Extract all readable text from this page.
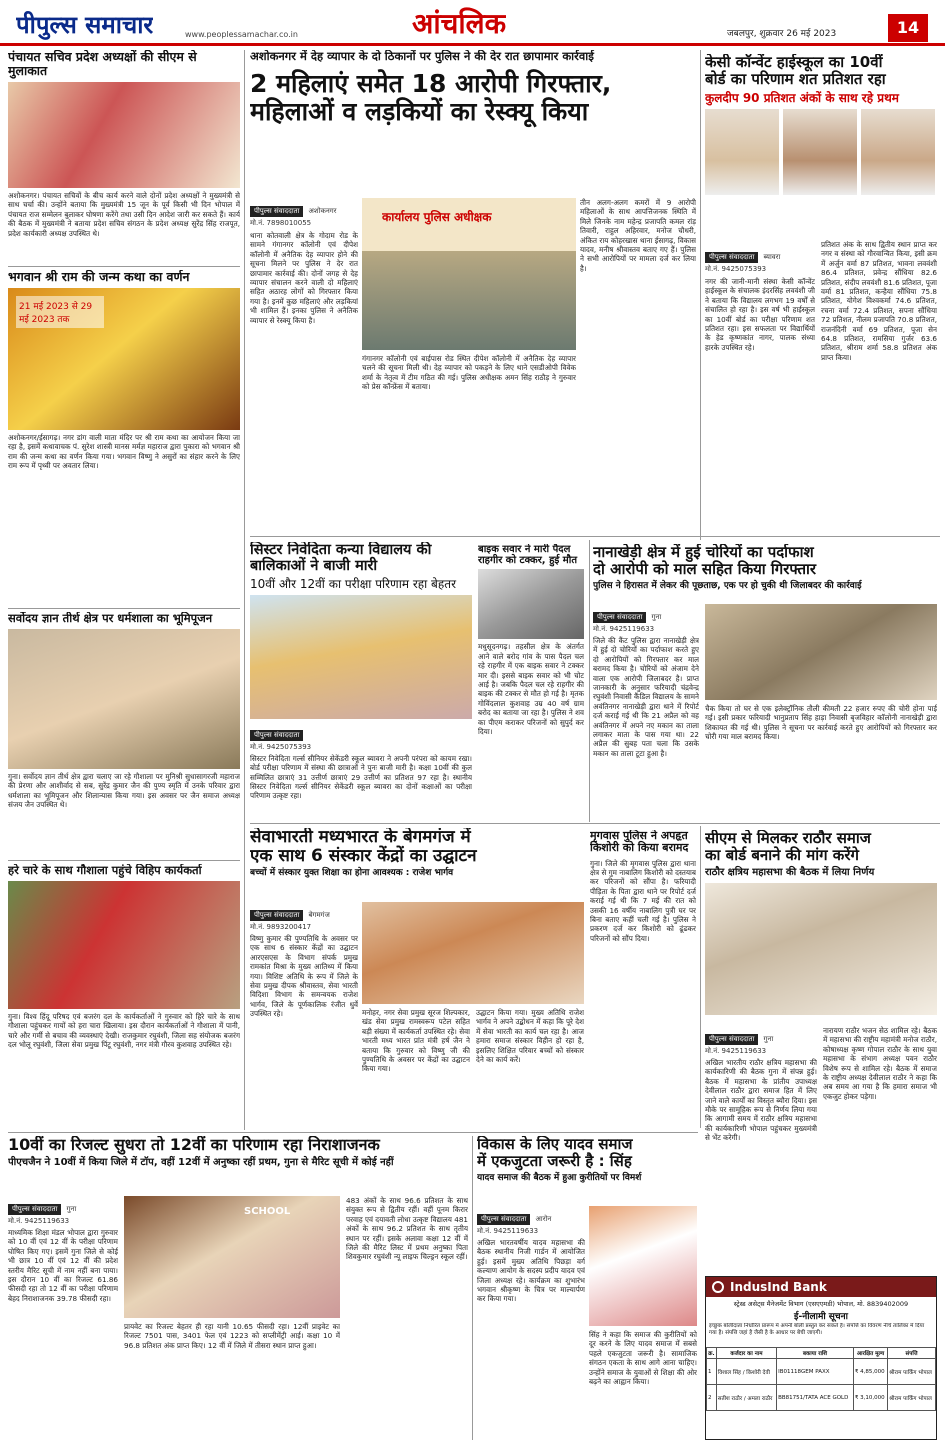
पीपुल्स समाचार	www.peoplessamachar.co.in	आंचलिक	जबलपुर, शुक्रवार 26 मई 2023	14
पंचायत सचिव प्रदेश अध्यक्षों की सीएम से मुलाकात
अशोकनगर। पंचायत सचिवों के बीच कार्य करने वाले दोनों प्रदेश अध्यक्षों ने मुख्यमंत्री से साथ चर्चा की। उन्होंने बताया कि मुख्यमंत्री 15 जून के पूर्व किसी भी दिन भोपाल में पंचायत राज सम्मेलन बुलाकर घोषणा करेंगे तथा उसी दिन आदेश जारी कर सकते हैं। कार्य की बैठक में मुख्यमंत्री ने बताया प्रदेश सचिव संगठन के प्रदेश अध्यक्ष सुरेंद्र सिंह राजपूत, प्रदेश कार्यकारी अध्यक्ष उपस्थित थे।
भगवान श्री राम की जन्म कथा का वर्णन
21 मई 2023 से 29 मई 2023 तक
अशोकनगर/ईसागढ़। नगर डांग वाली माता मंदिर पर श्री राम कथा का आयोजन किया जा रहा है, इसमें कथावाचक पं. सुरेश शास्त्री मानस मर्मज्ञ महाराज द्वारा पुकारा को भगवान श्री राम की जन्म कथा का वर्णन किया गया। भगवान विष्णु ने असुरों का संहार करने के लिए राम रूप में पृथ्वी पर अवतार लिया।
सर्वोदय ज्ञान तीर्थ क्षेत्र पर धर्मशाला का भूमिपूजन
गुना। सर्वोदय ज्ञान तीर्थ क्षेत्र द्वारा चलाए जा रहे गौशाला पर मुनिश्री सुधासागरजी महाराज की प्रेरणा और आशीर्वाद से सब, सुरेंद्र कुमार जैन की पुण्य स्मृति में उनके परिवार द्वारा धर्मशाला का भूमिपूजन और शिलान्यास किया गया। इस अवसर पर जैन समाज अध्यक्ष संजय जैन उपस्थित थे।
हरे चारे के साथ गौशाला पहुंचे विहिप कार्यकर्ता
गुना। विश्व हिंदू परिषद एवं बजरंग दल के कार्यकर्ताओं ने गुरुवार को हिरे चारे के साथ गौशाला पहुंचकर गायों को हरा चारा खिलाया। इस दौरान कार्यकर्ताओं ने गौशाला में पानी, चारे और गर्मी से बचाव की व्यवस्थाएं देखी। राजकुमार रघुवंशी, जिला सह संयोजक बजरंग दल भोलू रघुवंशी, जिला सेवा प्रमुख पिंटू रघुवंशी, नगर मंत्री गौरव कुशवाह उपस्थित रहे।
अशोकनगर में देह व्यापार के दो ठिकानों पर पुलिस ने की देर रात छापामार कार्रवाई
2 महिलाएं समेत 18 आरोपी गिरफ्तार,
महिलाओं व लड़कियों का रेस्क्यू किया
पीपुल्स संवाददाता अशोकनगर
मो.नं. 7898010055
थाना कोतवाली क्षेत्र के गोदाम रोड के सामने गंगानगर कॉलोनी एवं दीपेश कॉलोनी में अनैतिक देह व्यापार होने की सूचना मिलने पर पुलिस ने देर रात छापामार कार्रवाई की। दोनों जगह से देह व्यापार संचालन करने वाली दो महिलाएं सहित अठारह लोगों को गिरफ्तार किया गया है। इनमें कुछ महिलाएं और लड़कियां भी शामिल हैं। इनका पुलिस ने अनैतिक व्यापार से रेस्क्यू किया है।
कार्यालय पुलिस अधीक्षक
गंगानगर कॉलोनी एवं बाईपास रोड स्थित दीपेश कॉलोनी में अनैतिक देह व्यापार चलने की सूचना मिली थी। देह व्यापार को पकड़ने के लिए थाने एसडीओपी विवेक शर्मा के नेतृत्व में टीम गठित की गई। पुलिस अधीक्षक अमन सिंह राठौड़ ने गुरुवार को प्रेस कॉन्फ्रेंस में बताया।
तीन अलग-अलग कमरों में 9 आरोपी महिलाओं के साथ आपत्तिजनक स्थिति में मिले जिनके नाम महेन्द्र प्रजापति कमल रांड़ तिवारी, राहुल अहिरवार, मनोज चौधरी, अंकित राय कोहरखास थाना ईसागढ़, विकास यादव, मनीष श्रीवास्तव बताए गए हैं। पुलिस ने सभी आरोपियों पर मामला दर्ज कर लिया है।
केसी कॉन्वेंट हाईस्कूल का 10वीं
बोर्ड का परिणाम शत प्रतिशत रहा
कुलदीप 90 प्रतिशत अंकों के साथ रहे प्रथम
पीपुल्स संवाददाता ब्यावरा
मो.नं. 9425075393
नगर की जानी-मानी संस्था केसी कॉन्वेंट हाईस्कूल के संचालक इंदरसिंह लववंशी जी ने बताया कि विद्यालय लगभग 19 वर्षों से संचालित हो रहा है। इस वर्ष भी हाईस्कूल का 10वीं बोर्ड का परीक्षा परिणाम शत प्रतिशत रहा। इस सफलता पर विद्यार्थियों के हेड कृष्णकांत नागर, पालक संध्या हारके उपस्थित रहे।
प्रतिशत अंक के साथ द्वितीय स्थान प्राप्त कर नगर व संस्था को गौरवान्वित किया, इसी क्रम में अर्जुन वर्मा 87 प्रतिशत, भावना लववंशी 86.4 प्रतिशत, प्रवेन्द्र सौंधिया 82.6 प्रतिशत, संदीप लववंशी 81.6 प्रतिशत, पूजा वर्मा 81 प्रतिशत, कन्हैया सौंधिया 75.8 प्रतिशत, योगेश विश्वकर्मा 74.6 प्रतिशत, रचना वर्मा 72.4 प्रतिशत, सपना सौंधिया 72 प्रतिशत, नीलम प्रजापति 70.8 प्रतिशत, राजनंदिनी वर्मा 69 प्रतिशत, पूजा सेन 64.8 प्रतिशत, रामसिया गुर्जर 63.6 प्रतिशत, श्रीराम शर्मा 58.8 प्रतिशत अंक प्राप्त किया।
सिस्टर निवेदिता कन्या विद्यालय की बालिकाओं ने बाजी मारी
10वीं और 12वीं का परीक्षा परिणाम रहा बेहतर
पीपुल्स संवाददाता
मो.नं. 9425075393
सिस्टर निवेदिता गर्ल्स सीनियर सेकेंडरी स्कूल ब्यावरा ने अपनी परंपरा को कायम रखा। बोर्ड परीक्षा परिणाम में संस्था की छात्राओं ने पुनः बाजी मारी है। कक्षा 10वीं की कुल सम्मिलित छात्राएं 31 उत्तीर्ण छात्राएं 29 उत्तीर्ण का प्रतिशत 97 रहा है। स्थानीय सिस्टर निवेदिता गर्ल्स सीनियर सेकेंडरी स्कूल ब्यावरा का दोनों कक्षाओं का परीक्षा परिणाम उत्कृष्ट रहा।
बाइक सवार ने मारी पैदल राहगीर को टक्कर, हुई मौत
मधुसूदनगढ़। तहसील क्षेत्र के अंतर्गत आने वाले बरोद गांव के पास पैदल चल रहे राहगीर में एक बाइक सवार ने टक्कर मार दी। इससे बाइक सवार को भी चोट आई है। जबकि पैदल चल रहे राहगीर की बाइक की टक्कर से मौत हो गई है। मृतक गोविंदलाल कुशवाह उम्र 40 वर्ष ग्राम बरोद का बताया जा रहा है। पुलिस ने शव का पीएम कराकर परिजनों को सुपुर्द कर दिया।
नानाखेड़ी क्षेत्र में हुई चोरियों का पर्दाफाश
दो आरोपी को माल सहित किया गिरफ्तार
पुलिस ने हिरासत में लेकर की पूछताछ, एक पर हो चुकी थी जिलाबदर की कार्रवाई
पीपुल्स संवाददाता गुना
मो.नं. 9425119633
जिले की कैंट पुलिस द्वारा नानाखेड़ी क्षेत्र में हुई दो चोरियों का पर्दाफाश करते हुए दो आरोपियों को गिरफ्तार कर माल बरामद किया है। चोरियों को अंजाम देने वाला एक आरोपी जिलाबदर है। प्राप्त जानकारी के अनुसार फरियादी चंद्रवेन्द्र रघुवंशी निवासी कैंडिल विद्यालय के सामने अवंतिनगर नानाखेड़ी द्वारा थाने में रिपोर्ट दर्ज कराई गई थी कि 21 अप्रैल को वह अवंतिनगर में अपने नए मकान का ताला लगाकर माता के पास गया था। 22 अप्रैल की सुबह पता चला कि उसके मकान का ताला टूटा हुआ है।
चैक किया तो घर से एक इलेक्ट्रॉनिक तौली कीमती 22 हजार रुपए की चोरी होना पाई गई। इसी प्रकार फरियादी भानुप्रताप सिंह हाड़ा निवासी बृजविहार कॉलोनी नानाखेड़ी द्वारा शिकायत की गई थी। पुलिस ने सूचना पर कार्रवाई करते हुए आरोपियों को गिरफ्तार कर चोरी गया माल बरामद किया।
सेवाभारती मध्यभारत के बेगमगंज में
एक साथ 6 संस्कार केंद्रों का उद्घाटन
बच्चों में संस्कार युक्त शिक्षा का होना आवश्यक : राजेश भार्गव
पीपुल्स संवाददाता बेगमगंज
मो.नं. 9893200417
विष्णु कुमार की पुण्यतिथि के अवसर पर एक साथ 6 संस्कार केंद्रों का उद्घाटन आरएसएस के विभाग संपर्क प्रमुख रामकांत मिश्रा के मुख्य आतिथ्य में किया गया। विशिष्ट अतिथि के रूप में जिले के सेवा प्रमुख दीपक श्रीवास्तव, सेवा भारती विदिशा विभाग के समन्वयक राजेश भार्गव, जिले के पूर्णकालिक रंजीत धुर्वे उपस्थित रहे।	मनोहर, नगर सेवा प्रमुख सूरज शिल्पकार, खंड सेवा प्रमुख रामस्वरूप पटेल सहित बड़ी संख्या में कार्यकर्ता उपस्थित रहे। सेवा भारती मध्य भारत प्रांत मंत्री हर्ष जैन ने बताया कि गुरुवार को विष्णु जी की पुण्यतिथि के अवसर पर केंद्रों का उद्घाटन किया गया।
उद्घाटन किया गया। मुख्य अतिथि राजेश भार्गव ने अपने उद्बोधन में कहा कि पूरे देश में सेवा भारती का कार्य चल रहा है। आज हमारा समाज संस्कार विहीन हो रहा है, इसलिए शिक्षित परिवार बच्चों को संस्कार देने का कार्य करें।
मृगवास पुलिस ने अपहृत किशोरी को किया बरामद
गुना। जिले की मृगवास पुलिस द्वारा थाना क्षेत्र से गुम नाबालिग किशोरी को दस्तयाब कर परिजनों को सौंपा है। फरियादी पीड़िता के पिता द्वारा थाने पर रिपोर्ट दर्ज कराई गई थी कि 7 मई की रात को उसकी 16 वर्षीय नाबालिग पुत्री घर पर बिना बताए कहीं चली गई है। पुलिस ने प्रकरण दर्ज कर किशोरी को ढूंढकर परिजनों को सौंप दिया।
सीएम से मिलकर राठौर समाज
का बोर्ड बनाने की मांग करेंगे
राठौर क्षत्रिय महासभा की बैठक में लिया निर्णय
पीपुल्स संवाददाता गुना
मो.नं. 9425119633
अखिल भारतीय राठौर क्षत्रिय महासभा की कार्यकारिणी की बैठक गुना में संपन्न हुई। बैठक में महासभा के प्रांतीय उपाध्यक्ष देवीलाल राठौर द्वारा समाज हित में लिए जाने वाले कार्यों का विस्तृत ब्यौरा दिया। इस मौके पर सामूहिक रूप से निर्णय लिया गया कि आगामी समय में राठौर क्षत्रिय महासभा की कार्यकारिणी भोपाल पहुंचकर मुख्यमंत्री से भेंट करेगी।
नारायण राठौर भजन सेठ शामिल रहे। बैठक में महासभा की राष्ट्रीय महामंत्री मनोज राठौर, कोषाध्यक्ष कृष्ण गोपाल राठौर के साथ युवा महासभा के संभाग अध्यक्ष पवन राठौर विशेष रूप से शामिल रहे। बैठक में समाज के राष्ट्रीय अध्यक्ष देवीलाल राठौर ने कहा कि अब समय आ गया है कि हमारा समाज भी एकजुट होकर पड़ेगा।
10वीं का रिजल्ट सुधरा तो 12वीं का परिणाम रहा निराशाजनक
पीएचजैन ने 10वीं में किया जिले में टॉप, वहीं 12वीं में अनुष्का रहीं प्रथम, गुना से मैरिट सूची में कोई नहीं
पीपुल्स संवाददाता गुना
मो.नं. 9425119633
माध्यमिक शिक्षा मंडल भोपाल द्वारा गुरुवार को 10 वीं एवं 12 वीं के परीक्षा परिणाम घोषित किए गए। इसमें गुना जिले से कोई भी छात्र 10 वीं एवं 12 वीं की प्रदेश स्तरीय मैरिट सूची में नाम नहीं बना पाया। इस दौरान 10 वीं का रिजल्ट 61.86 फीसदी रहा तो 12 वीं का परीक्षा परिणाम बेहद निराशाजनक 39.78 फीसदी रहा।
SCHOOL
प्रायवेट का रिजल्ट बेहतर ही रहा यानी 10.65 फीसदी रहा। 12वीं प्राइवेट का रिजल्ट 7501 पास, 3401 फेल एवं 1223 को सप्लीमेंट्री आई। कक्षा 10 में 96.8 प्रतिशत अंक प्राप्त किए। 12 वीं में जिले में तीसरा स्थान प्राप्त हुआ।
483 अंकों के साथ 96.6 प्रतिशत के साथ संयुक्त रूप से द्वितीय रहीं। वहीं पूनम किरार परवाह एवं दयावती लोधा उत्कृष्ट विद्यालय 481 अंकों के साथ 96.2 प्रतिशत के साथ तृतीय स्थान पर रहीं। इसके अलावा कक्षा 12 वीं में जिले की मैरिट लिस्ट में प्रथम अनुष्का पिता शिवकुमार रघुवंशी न्यू लाइफ चिल्ड्रन स्कूल रहीं।
विकास के लिए यादव समाज
में एकजुटता जरूरी है : सिंह
यादव समाज की बैठक में हुआ कुरीतियों पर विमर्श
पीपुल्स संवाददाता आरोन
मो.नं. 9425119633
अखिल भारतवर्षीय यादव महासभा की बैठक स्थानीय निजी गार्डन में आयोजित हुई। इसमें मुख्य अतिथि पिछड़ा वर्ग कल्याण आयोग के सदस्य प्रदीप यादव एवं जिला अध्यक्ष रहे। कार्यक्रम का शुभारंभ भगवान श्रीकृष्ण के चित्र पर माल्यार्पण कर किया गया।
सिंह ने कहा कि समाज की कुरीतियों को दूर करने के लिए यादव समाज में सबसे पहले एकजुटता जरूरी है। सामाजिक संगठन एकता के साथ आगे आना चाहिए। उन्होंने समाज के युवाओं से शिक्षा की ओर बढ़ने का आह्वान किया।
IndusInd Bank
स्ट्रेस्ड असेट्स मैनेजमेंट विभाग (एसएएमडी) भोपाल, मो. 8839402009
ई-नीलामी सूचना
इच्छुक बोलीदाता निर्धारित प्रारूप में अपनी बोली प्रस्तुत कर सकते हैं। संपत्ति का विवरण नीचे तालिका में दिया गया है। संपत्ति जहां है जैसी है के आधार पर बेची जाएगी।
क्र.	कर्जदार का नाम	बकाया राशि	आरक्षित मूल्य	संपत्ति
1	विशाल सिंह / किशोरी देवी	IB01118GEM PAXX	₹ 4,85,000	श्रीराम पार्किंग भोपाल
2	सतीश राठौर / अमला राठौर	BB81751/TATA ACE GOLD	₹ 3,10,000	श्रीराम पार्किंग भोपाल
